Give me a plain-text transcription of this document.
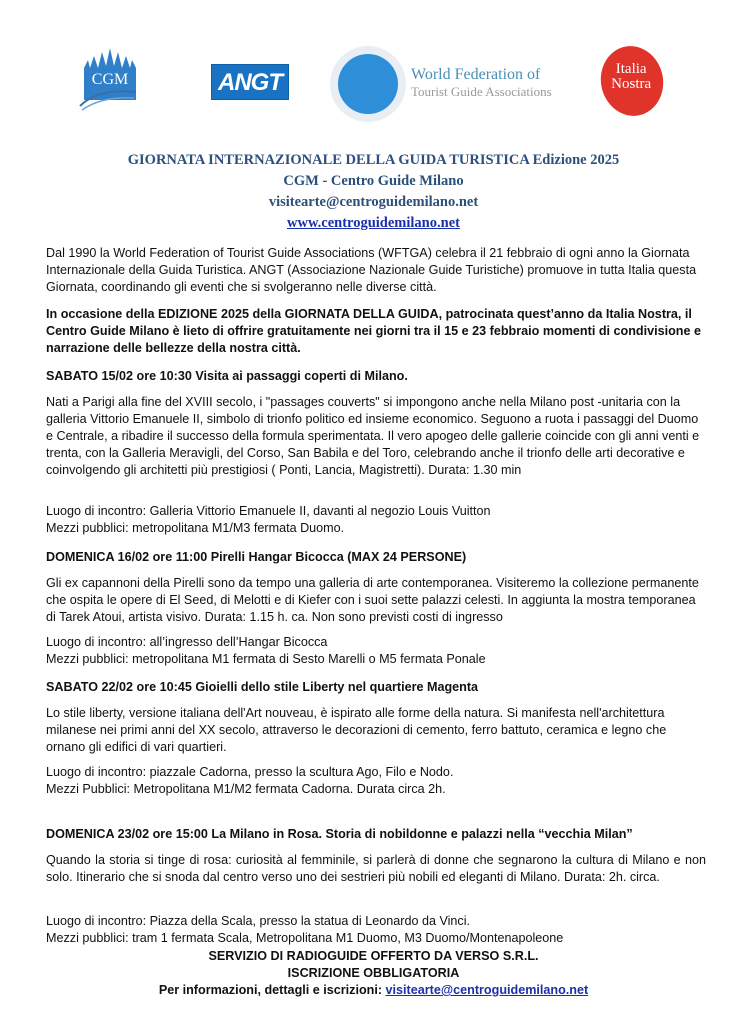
CGM	ANGT	World Federation of
Tourist Guide Associations
Italia
Nostra
GIORNATA INTERNAZIONALE DELLA GUIDA TURISTICA Edizione 2025
CGM - Centro Guide Milano
visitearte@centroguidemilano.net
www.centroguidemilano.net

Dal 1990 la World Federation of Tourist Guide Associations (WFTGA) celebra il 21 febbraio di ogni anno la Giornata Internazionale della Guida Turistica. ANGT (Associazione Nazionale Guide Turistiche) promuove in tutta Italia questa Giornata, coordinando gli eventi che si svolgeranno nelle diverse città.

In occasione della EDIZIONE 2025 della GIORNATA DELLA GUIDA, patrocinata quest’anno da Italia Nostra, il Centro Guide Milano è lieto di offrire gratuitamente nei giorni tra il 15 e 23 febbraio momenti di condivisione e narrazione delle bellezze della nostra città.

SABATO 15/02 ore 10:30 Visita ai passaggi coperti di Milano.

Nati a Parigi alla fine del XVIII secolo, i "passages couverts" si impongono anche nella Milano post -unitaria con la galleria Vittorio Emanuele II, simbolo di trionfo politico ed insieme economico. Seguono a ruota i passaggi del Duomo e Centrale, a ribadire il successo della formula sperimentata. Il vero apogeo delle gallerie coincide con gli anni venti e trenta, con la Galleria Meravigli, del Corso, San Babila e del Toro, celebrando anche il trionfo delle arti decorative e coinvolgendo gli architetti più prestigiosi ( Ponti, Lancia, Magistretti). Durata: 1.30 min

Luogo di incontro: Galleria Vittorio Emanuele II, davanti al negozio Louis Vuitton
Mezzi pubblici: metropolitana M1/M3 fermata Duomo.
DOMENICA 16/02 ore 11:00 Pirelli Hangar Bicocca (MAX 24 PERSONE)

Gli ex capannoni della Pirelli sono da tempo una galleria di arte contemporanea. Visiteremo la collezione permanente che ospita le opere di El Seed, di Melotti e di Kiefer con i suoi sette palazzi celesti. In aggiunta la mostra temporanea di Tarek Atoui, artista visivo. Durata: 1.15 h. ca. Non sono previsti costi di ingresso

Luogo di incontro: all’ingresso dell’Hangar Bicocca
Mezzi pubblici: metropolitana M1 fermata di Sesto Marelli o M5 fermata Ponale
SABATO 22/02 ore 10:45 Gioielli dello stile Liberty nel quartiere Magenta

Lo stile liberty, versione italiana dell'Art nouveau, è ispirato alle forme della natura. Si manifesta nell'architettura milanese nei primi anni del XX secolo, attraverso le decorazioni di cemento, ferro battuto, ceramica e legno che ornano gli edifici di vari quartieri.

Luogo di incontro: piazzale Cadorna, presso la scultura Ago, Filo e Nodo.
Mezzi Pubblici: Metropolitana M1/M2 fermata Cadorna. Durata circa 2h.
DOMENICA 23/02 ore 15:00 La Milano in Rosa. Storia di nobildonne e palazzi nella “vecchia Milan”

Quando la storia si tinge di rosa: curiosità al femminile, si parlerà di donne che segnarono la cultura di Milano e non solo. Itinerario che si snoda dal centro verso uno dei sestrieri più nobili ed eleganti di Milano. Durata: 2h. circa.

Luogo di incontro: Piazza della Scala, presso la statua di Leonardo da Vinci.
Mezzi pubblici: tram 1 fermata Scala, Metropolitana M1 Duomo, M3 Duomo/Montenapoleone
SERVIZIO DI RADIOGUIDE OFFERTO DA VERSO S.R.L.
ISCRIZIONE OBBLIGATORIA
Per informazioni, dettagli e iscrizioni: visitearte@centroguidemilano.net
